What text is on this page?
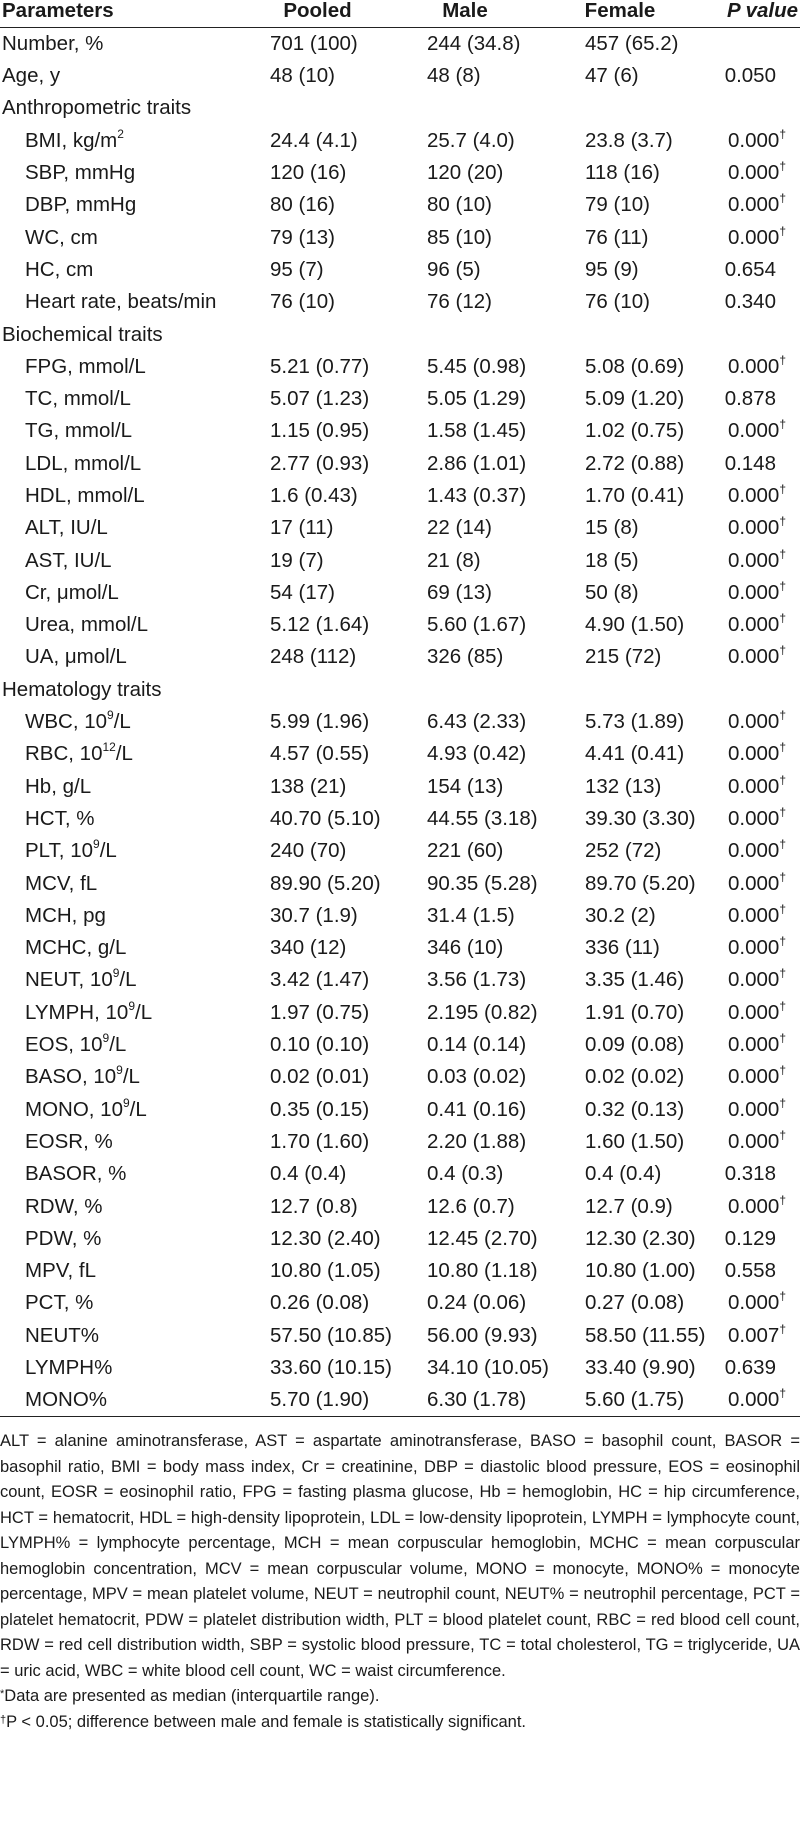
Parameters	Pooled	Male	Female	P value
Number, %	701 (100)	244 (34.8)	457 (65.2)	
Age, y	48 (10)	48 (8)	47 (6)	0.050
Anthropometric traits				
BMI, $kg/m^2$	24.4 (4.1)	25.7 (4.0)	23.8 (3.7)	0.000†
SBP, mmHg	120 (16)	120 (20)	118 (16)	0.000†
DBP, mmHg	80 (16)	80 (10)	79 (10)	0.000†
WC, cm	79 (13)	85 (10)	76 (11)	0.000†
HC, cm	95 (7)	96 (5)	95 (9)	0.654
Heart rate, beats/min	76 (10)	76 (12)	76 (10)	0.340
Biochemical traits				
FPG, mmol/L	5.21 (0.77)	5.45 (0.98)	5.08 (0.69)	0.000†
TC, mmol/L	5.07 (1.23)	5.05 (1.29)	5.09 (1.20)	0.878
TG, mmol/L	1.15 (0.95)	1.58 (1.45)	1.02 (0.75)	0.000†
LDL, mmol/L	2.77 (0.93)	2.86 (1.01)	2.72 (0.88)	0.148
HDL, mmol/L	1.6 (0.43)	1.43 (0.37)	1.70 (0.41)	0.000†
ALT, IU/L	17 (11)	22 (14)	15 (8)	0.000†
AST, IU/L	19 (7)	21 (8)	18 (5)	0.000†
Cr, μmol/L	54 (17)	69 (13)	50 (8)	0.000†
Urea, mmol/L	5.12 (1.64)	5.60 (1.67)	4.90 (1.50)	0.000†
UA, μmol/L	248 (112)	326 (85)	215 (72)	0.000†
Hematology traits				
WBC, $10^9/L$	5.99 (1.96)	6.43 (2.33)	5.73 (1.89)	0.000†
RBC, $10^{12}/L$	4.57 (0.55)	4.93 (0.42)	4.41 (0.41)	0.000†
Hb, g/L	138 (21)	154 (13)	132 (13)	0.000†
HCT, %	40.70 (5.10)	44.55 (3.18)	39.30 (3.30)	0.000†
PLT, $10^9/L$	240 (70)	221 (60)	252 (72)	0.000†
MCV, fL	89.90 (5.20)	90.35 (5.28)	89.70 (5.20)	0.000†
MCH, pg	30.7 (1.9)	31.4 (1.5)	30.2 (2)	0.000†
MCHC, g/L	340 (12)	346 (10)	336 (11)	0.000†
NEUT, $10^9/L$	3.42 (1.47)	3.56 (1.73)	3.35 (1.46)	0.000†
LYMPH, $10^9/L$	1.97 (0.75)	2.195 (0.82)	1.91 (0.70)	0.000†
EOS, $10^9/L$	0.10 (0.10)	0.14 (0.14)	0.09 (0.08)	0.000†
BASO, $10^9/L$	0.02 (0.01)	0.03 (0.02)	0.02 (0.02)	0.000†
MONO, $10^9/L$	0.35 (0.15)	0.41 (0.16)	0.32 (0.13)	0.000†
EOSR, %	1.70 (1.60)	2.20 (1.88)	1.60 (1.50)	0.000†
BASOR, %	0.4 (0.4)	0.4 (0.3)	0.4 (0.4)	0.318
RDW, %	12.7 (0.8)	12.6 (0.7)	12.7 (0.9)	0.000†
PDW, %	12.30 (2.40)	12.45 (2.70)	12.30 (2.30)	0.129
MPV, fL	10.80 (1.05)	10.80 (1.18)	10.80 (1.00)	0.558
PCT, %	0.26 (0.08)	0.24 (0.06)	0.27 (0.08)	0.000†
NEUT%	57.50 (10.85)	56.00 (9.93)	58.50 (11.55)	0.007†
LYMPH%	33.60 (10.15)	34.10 (10.05)	33.40 (9.90)	0.639
MONO%	5.70 (1.90)	6.30 (1.78)	5.60 (1.75)	0.000†

ALT = alanine aminotransferase, AST = aspartate aminotransferase, BASO = basophil count, BASOR = basophil ratio, BMI = body mass index, Cr = creatinine, DBP = diastolic blood pressure, EOS = eosinophil count, EOSR = eosinophil ratio, FPG = fasting plasma glucose, Hb = hemoglobin, HC = hip circumference, HCT = hematocrit, HDL = high-density lipoprotein, LDL = low-density lipoprotein, LYMPH = lymphocyte count, LYMPH% = lymphocyte percentage, MCH = mean corpuscular hemoglobin, MCHC = mean corpuscular hemoglobin concentration, MCV = mean corpuscular volume, MONO = monocyte, MONO% = monocyte percentage, MPV = mean platelet volume, NEUT = neutrophil count, NEUT% = neutrophil percentage, PCT = platelet hematocrit, PDW = platelet distribution width, PLT = blood platelet count, RBC = red blood cell count, RDW = red cell distribution width, SBP = systolic blood pressure, TC = total cholesterol, TG = triglyceride, UA = uric acid, WBC = white blood cell count, WC = waist circumference.

*Data are presented as median (interquartile range).

†P < 0.05; difference between male and female is statistically significant.
